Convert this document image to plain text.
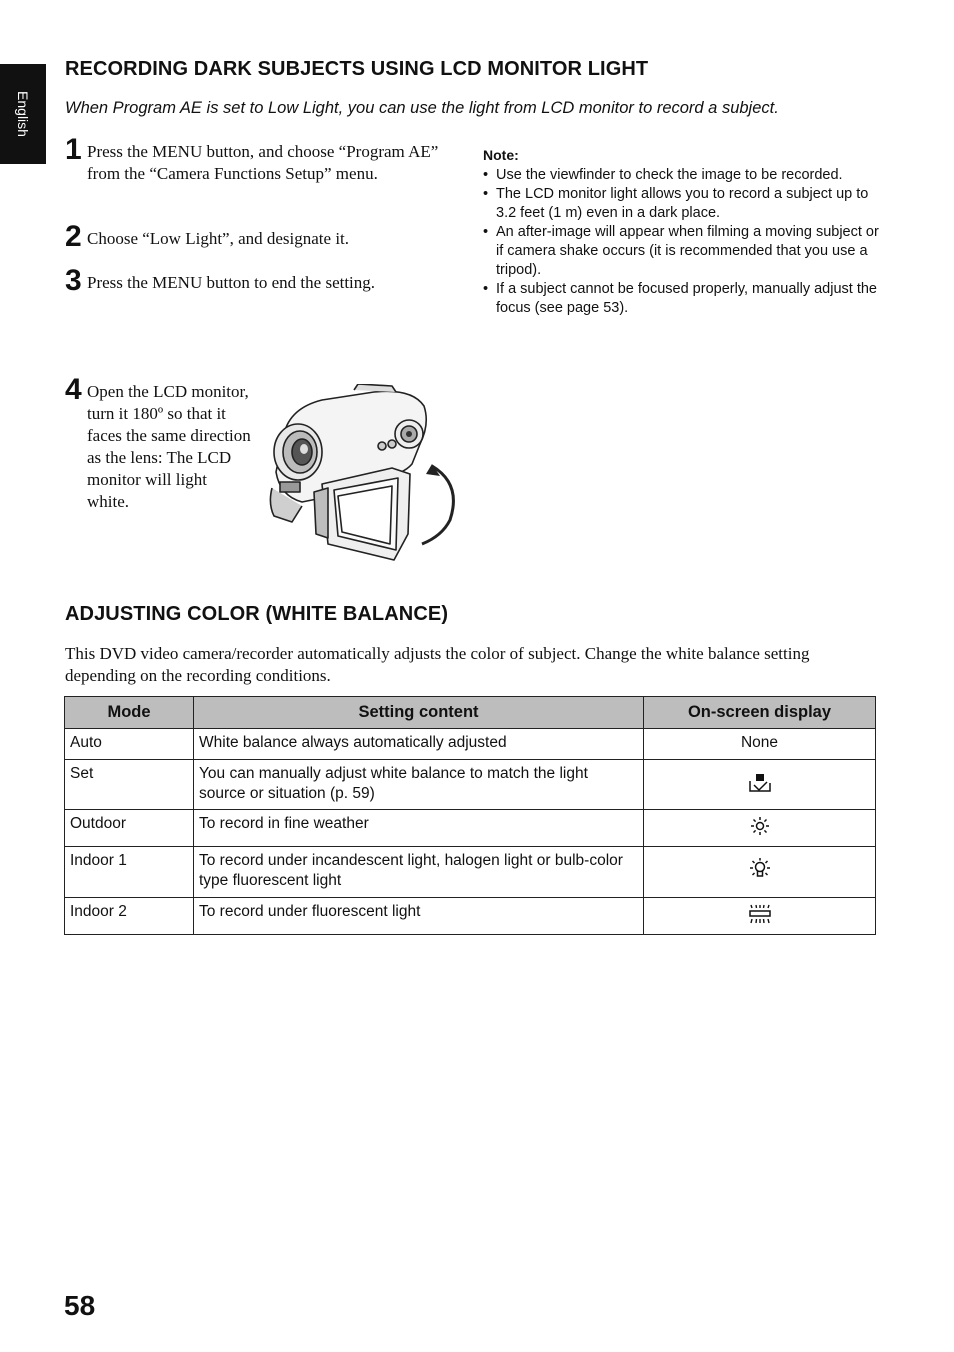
English
RECORDING DARK SUBJECTS USING LCD MONITOR LIGHT
When Program AE is set to Low Light, you can use the light from LCD monitor to record a subject.
1 Press the MENU button, and choose “Program AE” from the “Camera Functions Setup” menu.
2 Choose “Low Light”, and designate it.
3 Press the MENU button to end the setting.
4 Open the LCD monitor, turn it 180º so that it faces the same direction as the lens: The LCD monitor will light white.
Note:
• Use the viewfinder to check the image to be recorded.
• The LCD monitor light allows you to record a subject up to 3.2 feet (1 m) even in a dark place.
• An after-image will appear when filming a moving subject or if camera shake occurs (it is recommended that you use a tripod).
• If a subject cannot be focused properly, manually adjust the focus (see page 53).
ADJUSTING COLOR (WHITE BALANCE)
This DVD video camera/recorder automatically adjusts the color of subject. Change the white balance setting depending on the recording conditions.
Mode	Setting content	On-screen display
Auto	White balance always automatically adjusted	None
Set	You can manually adjust white balance to match the light source or situation (p. 59)	
Outdoor	To record in fine weather	
Indoor 1	To record under incandescent light, halogen light or bulb-color type fluorescent light	
Indoor 2	To record under fluorescent light	
58
